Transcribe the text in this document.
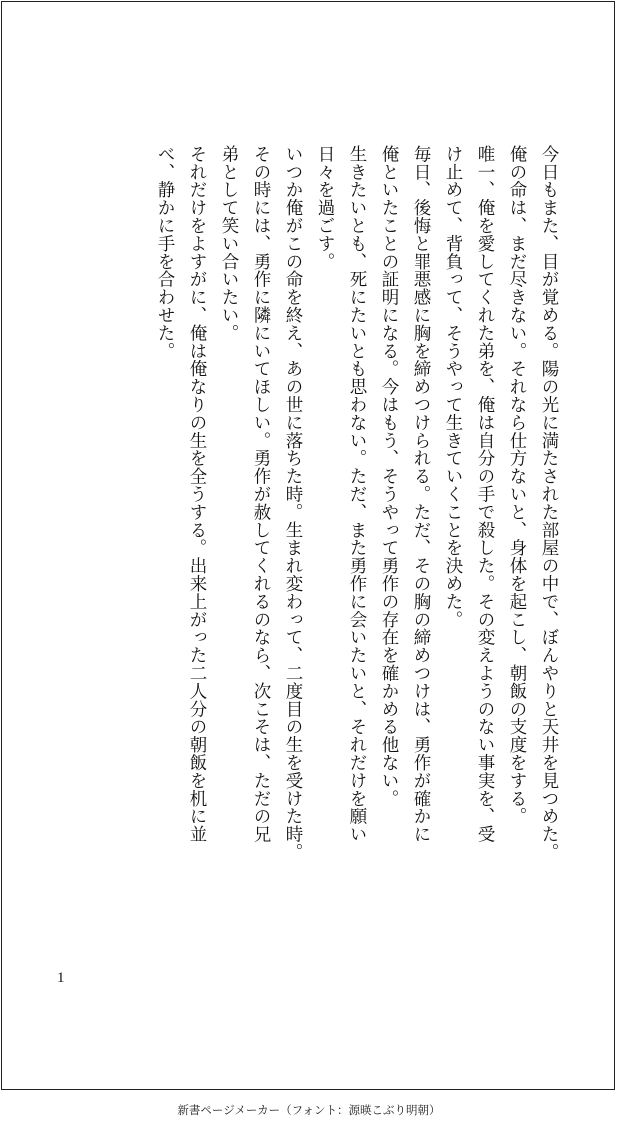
今日もまた、目が覚める。陽の光に満たされた部屋の中で、ぼんやりと天井を見つめた。
俺の命は、まだ尽きない。それなら仕方ないと、身体を起こし、朝飯の支度をする。
唯一、俺を愛してくれた弟を、俺は自分の手で殺した。その変えようのない事実を、受
け止めて、背負って、そうやって生きていくことを決めた。
毎日、後悔と罪悪感に胸を締めつけられる。ただ、その胸の締めつけは、勇作が確かに
俺といたことの証明になる。今はもう、そうやって勇作の存在を確かめる他ない。
生きたいとも、死にたいとも思わない。ただ、また勇作に会いたいと、それだけを願い
日々を過ごす。
いつか俺がこの命を終え、あの世に落ちた時。生まれ変わって、二度目の生を受けた時。
その時には、勇作に隣にいてほしい。勇作が赦してくれるのなら、次こそは、ただの兄
弟として笑い合いたい。
それだけをよすがに、俺は俺なりの生を全うする。出来上がった二人分の朝飯を机に並
べ、静かに手を合わせた。
1
新書ページメーカー（フォント：源暎こぶり明朝）
